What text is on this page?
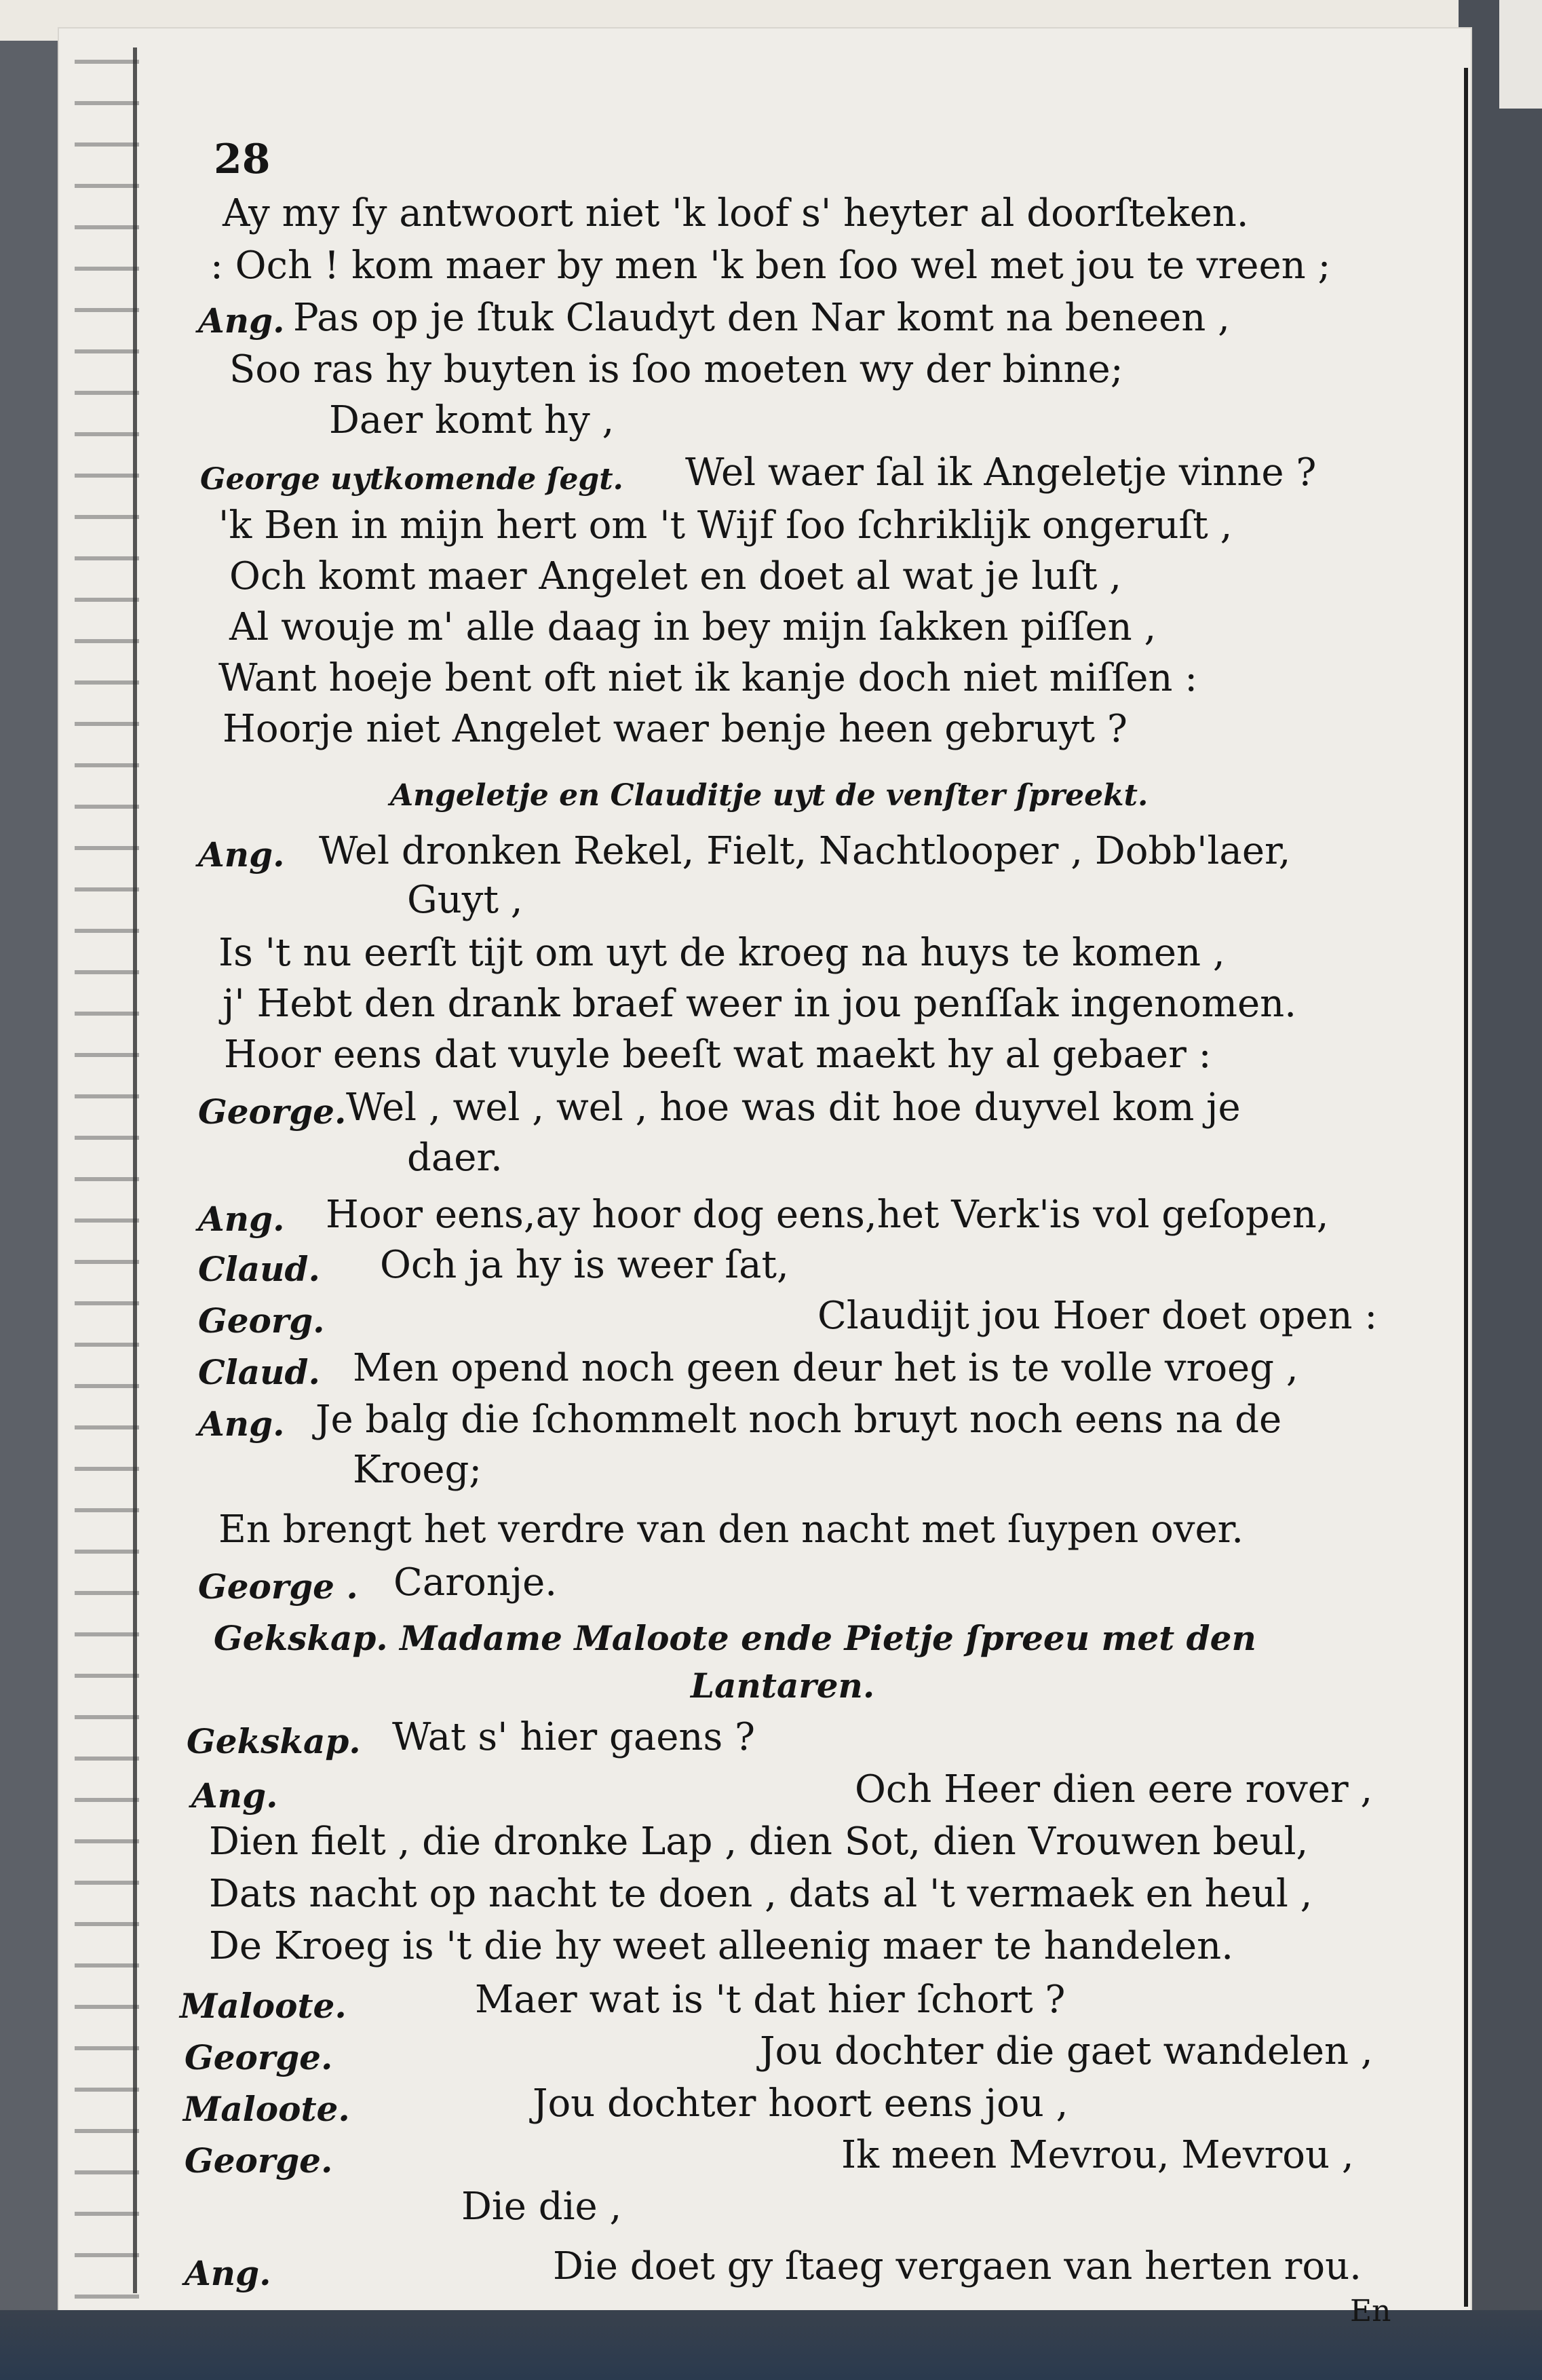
28
Ay my ſy antwoort niet 'k loof s' heyter al doorſteken.
: Och ! kom maer by men 'k ben ſoo wel met jou te vreen ;
Ang. Pas op je ſtuk Claudyt den Nar komt na beneen ,
Soo ras hy buyten is ſoo moeten wy der binne;
Daer komt hy ,
George uytkomende ſegt. Wel waer ſal ik Angeletje vinne ?
'k Ben in mijn hert om 't Wijf ſoo ſchriklijk ongeruſt ,
Och komt maer Angelet en doet al wat je luſt ,
Al wouje m' alle daag in bey mijn ſakken piſſen ,
Want hoeje bent oft niet ik kanje doch niet miſſen :
Hoorje niet Angelet waer benje heen gebruyt ?
Angeletje en Clauditje uyt de venſter ſpreekt.
Ang. Wel dronken Rekel, Fielt, Nachtlooper , Dobb'laer,
Guyt ,
Is 't nu eerſt tijt om uyt de kroeg na huys te komen ,
j' Hebt den drank braef weer in jou penſſak ingenomen.
Hoor eens dat vuyle beeſt wat maekt hy al gebaer :
George. Wel , wel , wel , hoe was dit hoe duyvel kom je
daer.
Ang. Hoor eens,ay hoor dog eens,het Verk'is vol geſopen,
Claud. Och ja hy is weer ſat,
Georg.	Claudijt jou Hoer doet open :
Claud. Men opend noch geen deur het is te volle vroeg ,
Ang. Je balg die ſchommelt noch bruyt noch eens na de
Kroeg;
En brengt het verdre van den nacht met ſuypen over.
George . Caronje.
Gekskap. Madame Maloote ende Pietje ſpreeu met den
Lantaren.
Gekskap. Wat s' hier gaens ?
Ang.	Och Heer dien eere rover ,
Dien fielt , die dronke Lap , dien Sot, dien Vrouwen beul,
Dats nacht op nacht te doen , dats al 't vermaek en heul ,
De Kroeg is 't die hy weet alleenig maer te handelen.
Maloote.	Maer wat is 't dat hier ſchort ?
George.	Jou dochter die gaet wandelen ,
Maloote.	Jou dochter hoort eens jou ,
George.	Ik meen Mevrou, Mevrou ,
Die die ,
Ang.	Die doet gy ſtaeg vergaen van herten rou.
En
